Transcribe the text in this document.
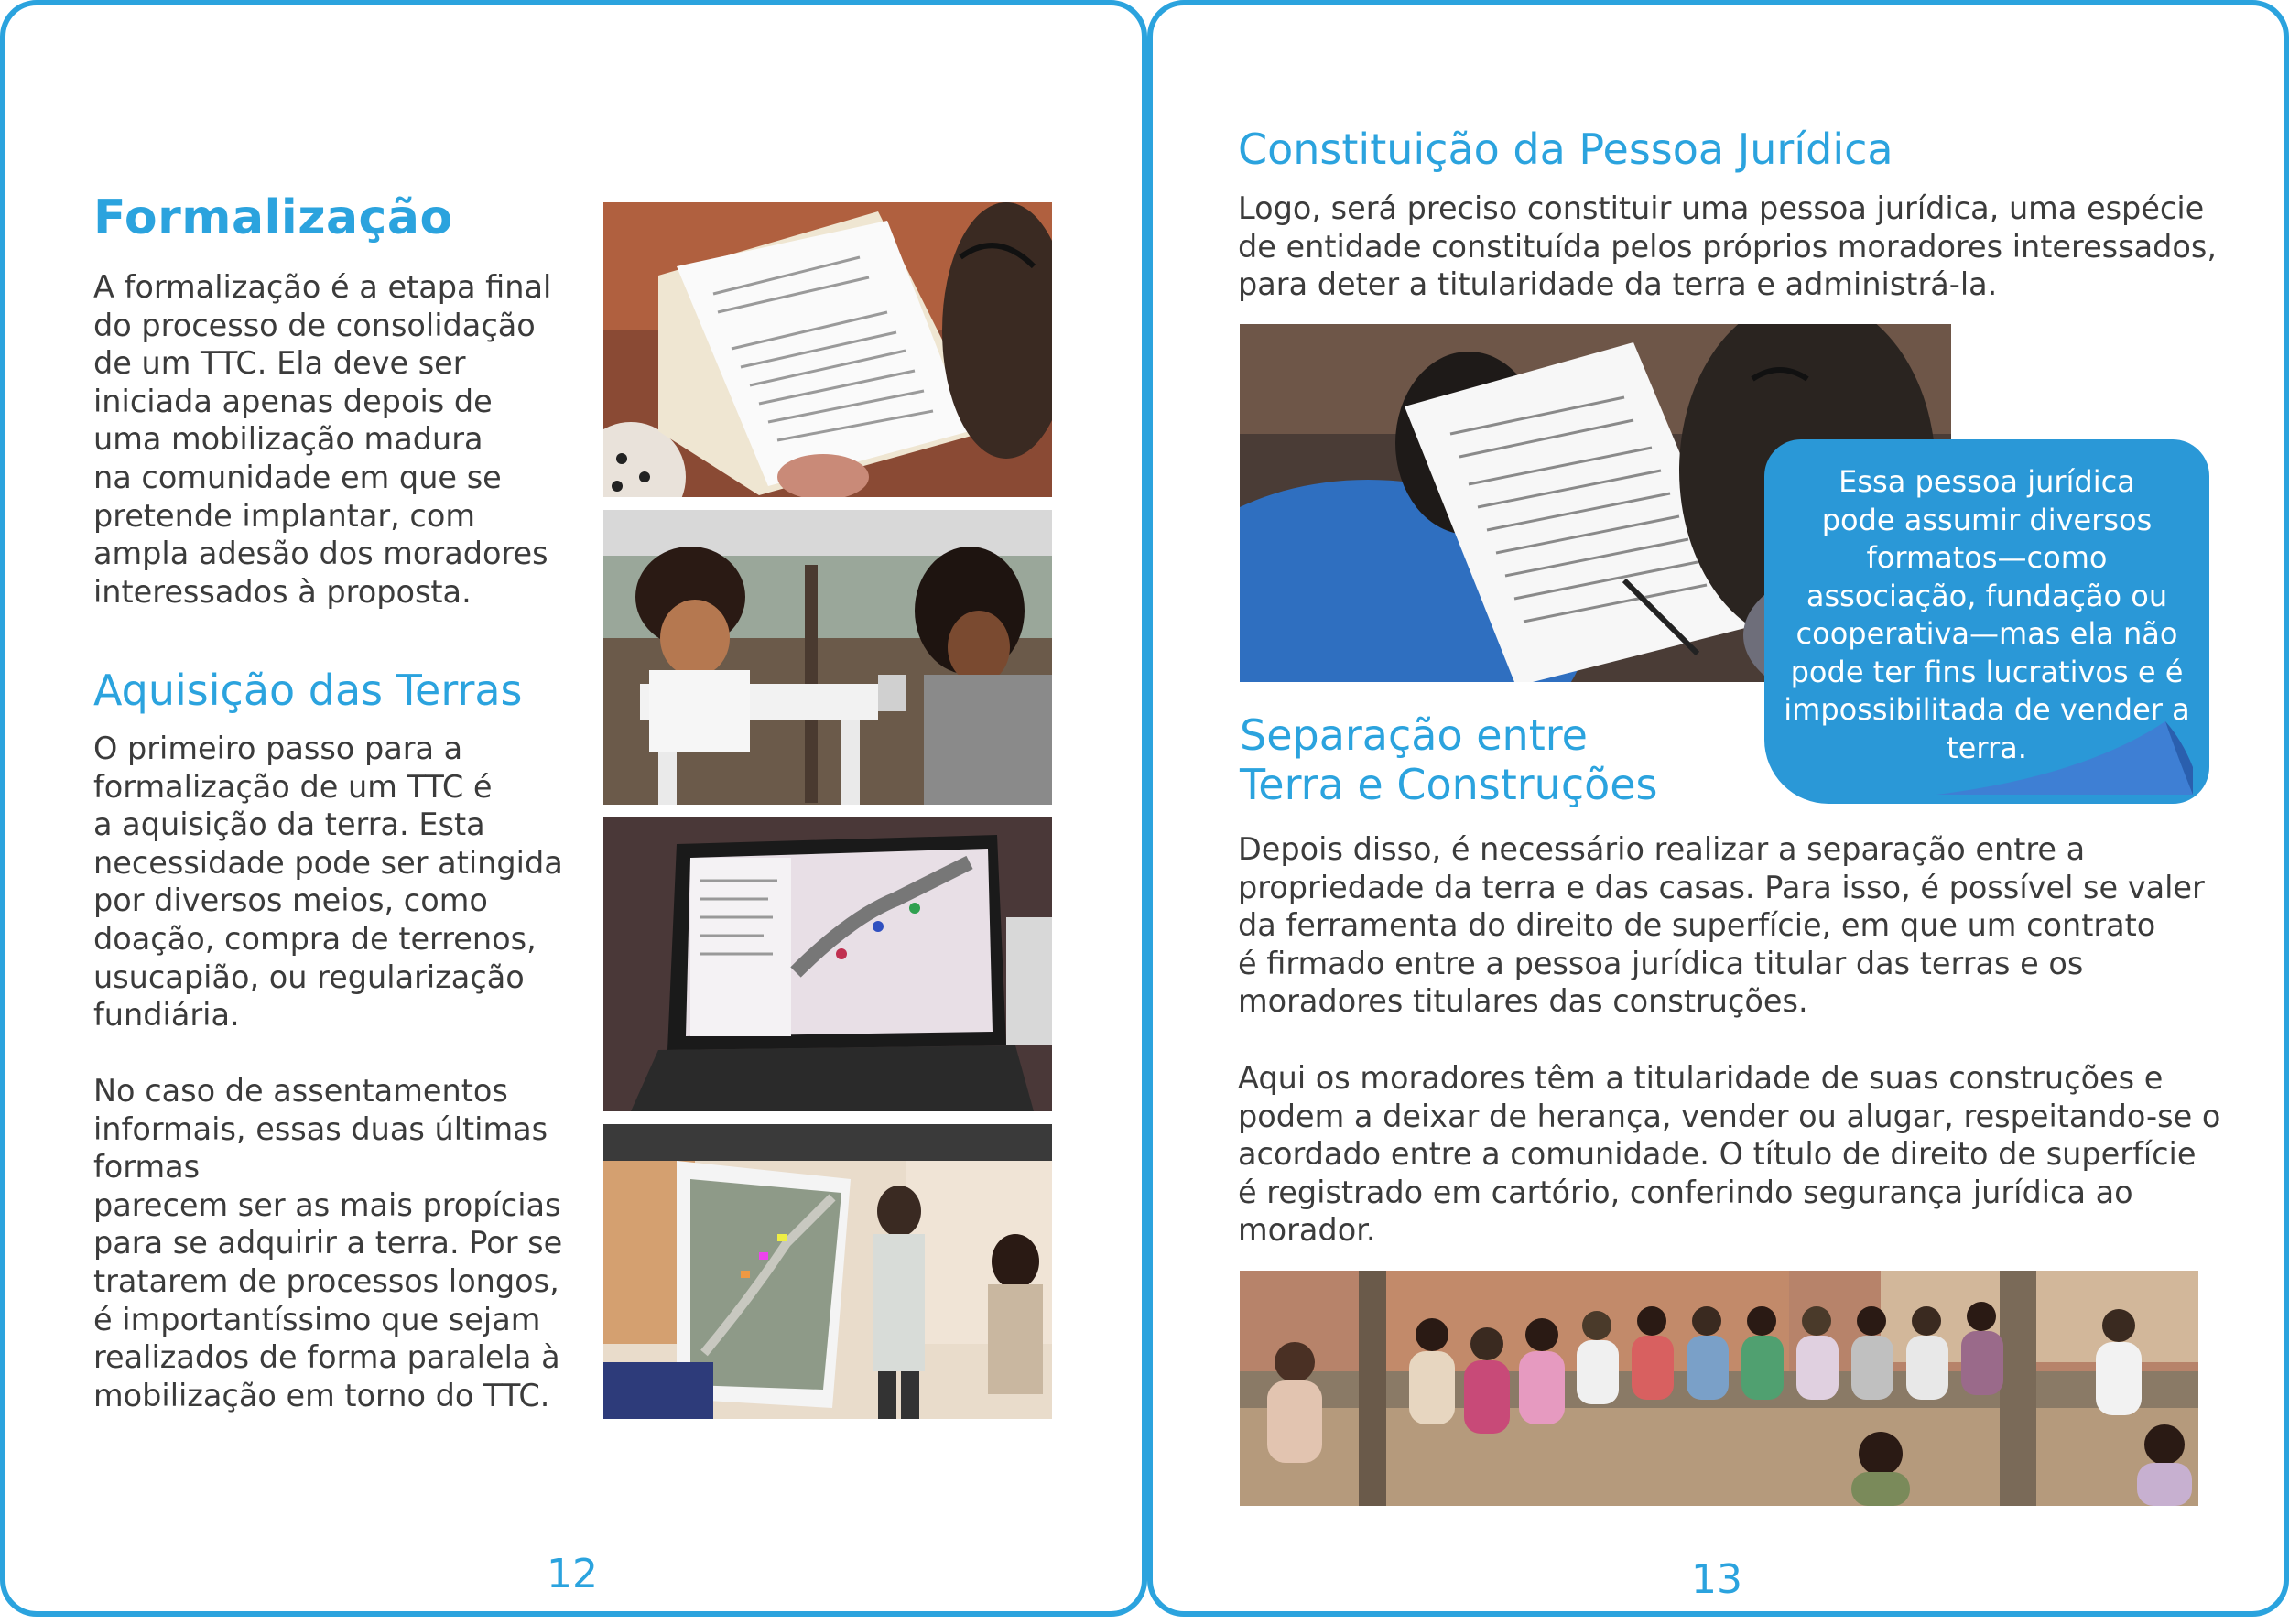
Formalização
A formalização é a etapa final
do processo de consolidação
de um TTC. Ela deve ser
iniciada apenas depois de
uma mobilização madura
na comunidade em que se
pretende implantar, com
ampla adesão dos moradores
interessados à proposta.
Aquisição das Terras
O primeiro passo para a
formalização de um TTC é
a aquisição da terra. Esta
necessidade pode ser atingida
por diversos meios, como
doação, compra de terrenos,
usucapião, ou regularização
fundiária.
No caso de assentamentos
informais, essas duas últimas
formas
parecem ser as mais propícias
para se adquirir a terra. Por se
tratarem de processos longos,
é importantíssimo que sejam
realizados de forma paralela à
mobilização em torno do TTC.
12
Constituição da Pessoa Jurídica
Logo, será preciso constituir uma pessoa jurídica, uma espécie
de entidade constituída pelos próprios moradores interessados,
para deter a titularidade da terra e administrá-la.
Essa pessoa jurídica
pode assumir diversos
formatos—como
associação, fundação ou
cooperativa—mas ela não
pode ter fins lucrativos e é
impossibilitada de vender a
terra.
Separação entre
Terra e Construções
Depois disso, é necessário realizar a separação entre a
propriedade da terra e das casas. Para isso, é possível se valer
da ferramenta do direito de superfície, em que um contrato
é firmado entre a pessoa jurídica titular das terras e os
moradores titulares das construções.
Aqui os moradores têm a titularidade de suas construções e
podem a deixar de herança, vender ou alugar, respeitando-se o
acordado entre a comunidade. O título de direito de superfície
é registrado em cartório, conferindo segurança jurídica ao
morador.
13
